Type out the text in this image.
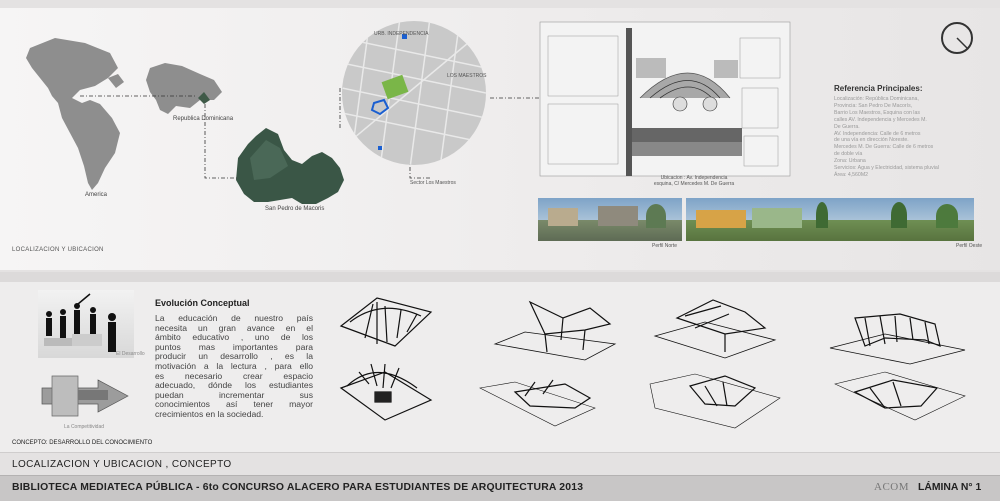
America
Republica Dominicana
San Pedro de Macoris
URB. INDEPENDENCIA
LOS MAESTROS
Sector Los Maestros
Ubicacion : Av. Independencia
esquina, C/ Mercedes M. De Guerra
LOCALIZACION Y UBICACION
Referencia Principales:
Localización: República Dominicana,
Provincia: San Pedro De Macorís,
Barrio Los Maestros, Esquina con las
calles AV. Independencia y Mercedes M.
De Guerra.
AV. Independencia: Calle de 6 metros
de una vía en dirección Noreste.
Mercedes M. De Guerra: Calle de 6 metros
de doble vía
Zona: Urbana
Servicios: Agua y Electricidad, sistema pluvial
Área: 4,560M2
Perfil Norte	Perfil Oeste
El Desarrollo
La Competitividad
Evolución Conceptual
La educación de nuestro país
necesita un gran avance en el
ámbito educativo , uno de los
puntos mas importantes para
producir un desarrollo , es la
motivación a la lectura , para ello
es necesario crear espacio
adecuado, dónde los estudiantes
puedan incrementar sus
conocimientos así tener mayor
crecimientos en la sociedad.
CONCEPTO: DESARROLLO DEL CONOCIMIENTO
LOCALIZACION Y UBICACION , CONCEPTO
BIBLIOTECA MEDIATECA PÚBLICA - 6to CONCURSO ALACERO PARA ESTUDIANTES DE ARQUITECTURA 2013	ACOM LÁMINA N° 1
